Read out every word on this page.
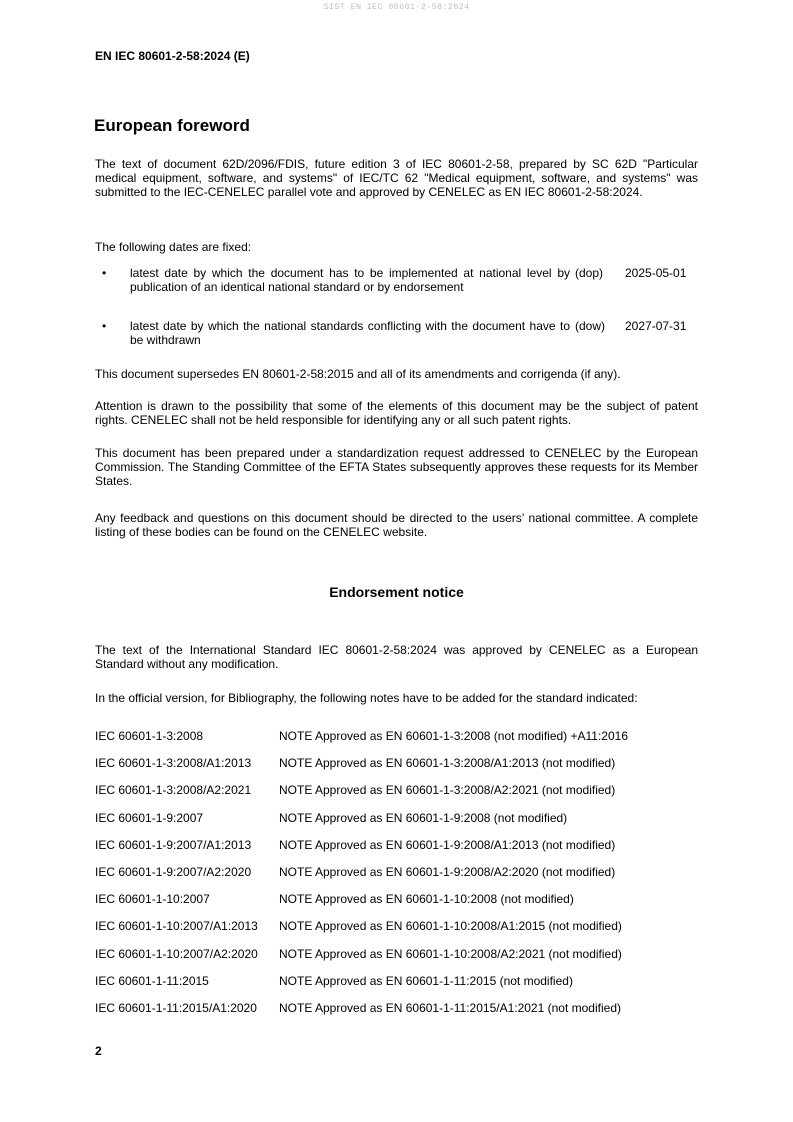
SIST EN IEC 80601-2-58:2024
EN IEC 80601-2-58:2024 (E)
European foreword

The text of document 62D/2096/FDIS, future edition 3 of IEC 80601-2-58, prepared by SC 62D "Particular medical equipment, software, and systems" of IEC/TC 62 "Medical equipment, software, and systems" was submitted to the IEC-CENELEC parallel vote and approved by CENELEC as EN IEC 80601-2-58:2024.

The following dates are fixed:

• latest date by which the document has to be implemented at national level by publication of an identical national standard or by endorsement
(dop) 2025-05-01
• latest date by which the national standards conflicting with the document have to be withdrawn
(dow) 2027-07-31

This document supersedes EN 80601-2-58:2015 and all of its amendments and corrigenda (if any).

Attention is drawn to the possibility that some of the elements of this document may be the subject of patent rights. CENELEC shall not be held responsible for identifying any or all such patent rights.

This document has been prepared under a standardization request addressed to CENELEC by the European Commission. The Standing Committee of the EFTA States subsequently approves these requests for its Member States.

Any feedback and questions on this document should be directed to the users’ national committee. A complete listing of these bodies can be found on the CENELEC website.

Endorsement notice

The text of the International Standard IEC 80601-2-58:2024 was approved by CENELEC as a European Standard without any modification.

In the official version, for Bibliography, the following notes have to be added for the standard indicated:

IEC 60601-1-3:2008	NOTE Approved as EN 60601-1-3:2008 (not modified) +A11:2016
IEC 60601-1-3:2008/A1:2013 NOTE Approved as EN 60601-1-3:2008/A1:2013 (not modified)
IEC 60601-1-3:2008/A2:2021 NOTE Approved as EN 60601-1-3:2008/A2:2021 (not modified)
IEC 60601-1-9:2007	NOTE Approved as EN 60601-1-9:2008 (not modified)
IEC 60601-1-9:2007/A1:2013 NOTE Approved as EN 60601-1-9:2008/A1:2013 (not modified)
IEC 60601-1-9:2007/A2:2020 NOTE Approved as EN 60601-1-9:2008/A2:2020 (not modified)
IEC 60601-1-10:2007	NOTE Approved as EN 60601-1-10:2008 (not modified)
IEC 60601-1-10:2007/A1:2013 NOTE Approved as EN 60601-1-10:2008/A1:2015 (not modified)
IEC 60601-1-10:2007/A2:2020 NOTE Approved as EN 60601-1-10:2008/A2:2021 (not modified)
IEC 60601-1-11:2015	NOTE Approved as EN 60601-1-11:2015 (not modified)
IEC 60601-1-11:2015/A1:2020 NOTE Approved as EN 60601-1-11:2015/A1:2021 (not modified)
2
